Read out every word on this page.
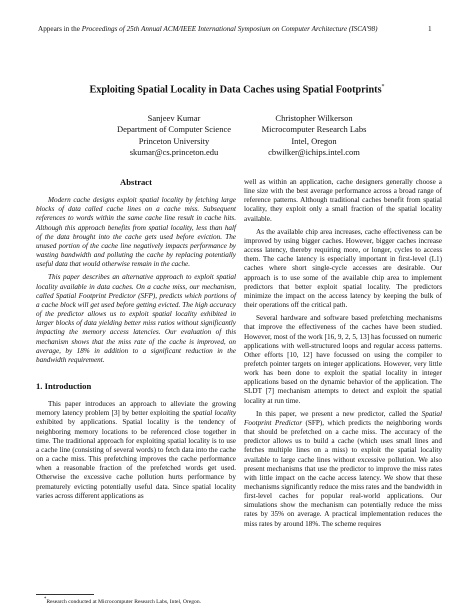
Appears in the Proceedings of 25th Annual ACM/IEEE International Symposium on Computer Architecture (ISCA'98)	1
Exploiting Spatial Locality in Data Caches using Spatial Footprints*
Sanjeev Kumar
Department of Computer Science
Princeton University
skumar@cs.princeton.edu
Christopher Wilkerson
Microcomputer Research Labs
Intel, Oregon
cbwilker@ichips.intel.com
Abstract

Modern cache designs exploit spatial locality by fetching large blocks of data called cache lines on a cache miss. Subsequent references to words within the same cache line result in cache hits. Although this approach benefits from spatial locality, less than half of the data brought into the cache gets used before eviction. The unused portion of the cache line negatively impacts performance by wasting bandwidth and polluting the cache by replacing potentially useful data that would otherwise remain in the cache.

This paper describes an alternative approach to exploit spatial locality available in data caches. On a cache miss, our mechanism, called Spatial Footprint Predictor (SFP), predicts which portions of a cache block will get used before getting evicted. The high accuracy of the predictor allows us to exploit spatial locality exhibited in larger blocks of data yielding better miss ratios without significantly impacting the memory access latencies. Our evaluation of this mechanism shows that the miss rate of the cache is improved, on average, by 18% in addition to a significant reduction in the bandwidth requirement.

1. Introduction

This paper introduces an approach to alleviate the growing memory latency problem [3] by better exploiting the spatial locality exhibited by applications. Spatial locality is the tendency of neighboring memory locations to be referenced close together in time. The traditional approach for exploiting spatial locality is to use a cache line (consisting of several words) to fetch data into the cache on a cache miss. This prefetching improves the cache performance when a reasonable fraction of the prefetched words get used. Otherwise the excessive cache pollution hurts performance by prematurely evicting potentially useful data. Since spatial locality varies across different applications as

well as within an application, cache designers generally choose a line size with the best average performance across a broad range of reference patterns. Although traditional caches benefit from spatial locality, they exploit only a small fraction of the spatial locality available.

As the available chip area increases, cache effectiveness can be improved by using bigger caches. However, bigger caches increase access latency, thereby requiring more, or longer, cycles to access them. The cache latency is especially important in first-level (L1) caches where short single-cycle accesses are desirable. Our approach is to use some of the available chip area to implement predictors that better exploit spatial locality. The predictors minimize the impact on the access latency by keeping the bulk of their operations off the critical path.

Several hardware and software based prefetching mechanisms that improve the effectiveness of the caches have been studied. However, most of the work [16, 9, 2, 5, 13] has focussed on numeric applications with well-structured loops and regular access patterns. Other efforts [10, 12] have focussed on using the compiler to prefetch pointer targets on integer applications. However, very little work has been done to exploit the spatial locality in integer applications based on the dynamic behavior of the application. The SLDT [7] mechanism attempts to detect and exploit the spatial locality at run time.

In this paper, we present a new predictor, called the Spatial Footprint Predictor (SFP), which predicts the neighboring words that should be prefetched on a cache miss. The accuracy of the predictor allows us to build a cache (which uses small lines and fetches multiple lines on a miss) to exploit the spatial locality available to large cache lines without excessive pollution. We also present mechanisms that use the predictor to improve the miss rates with little impact on the cache access latency. We show that these mechanisms significantly reduce the miss rates and the bandwidth in first-level caches for popular real-world applications. Our simulations show the mechanism can potentially reduce the miss rates by 35% on average. A practical implementation reduces the miss rates by around 18%. The scheme requires

*Research conducted at Microcomputer Research Labs, Intel, Oregon.
